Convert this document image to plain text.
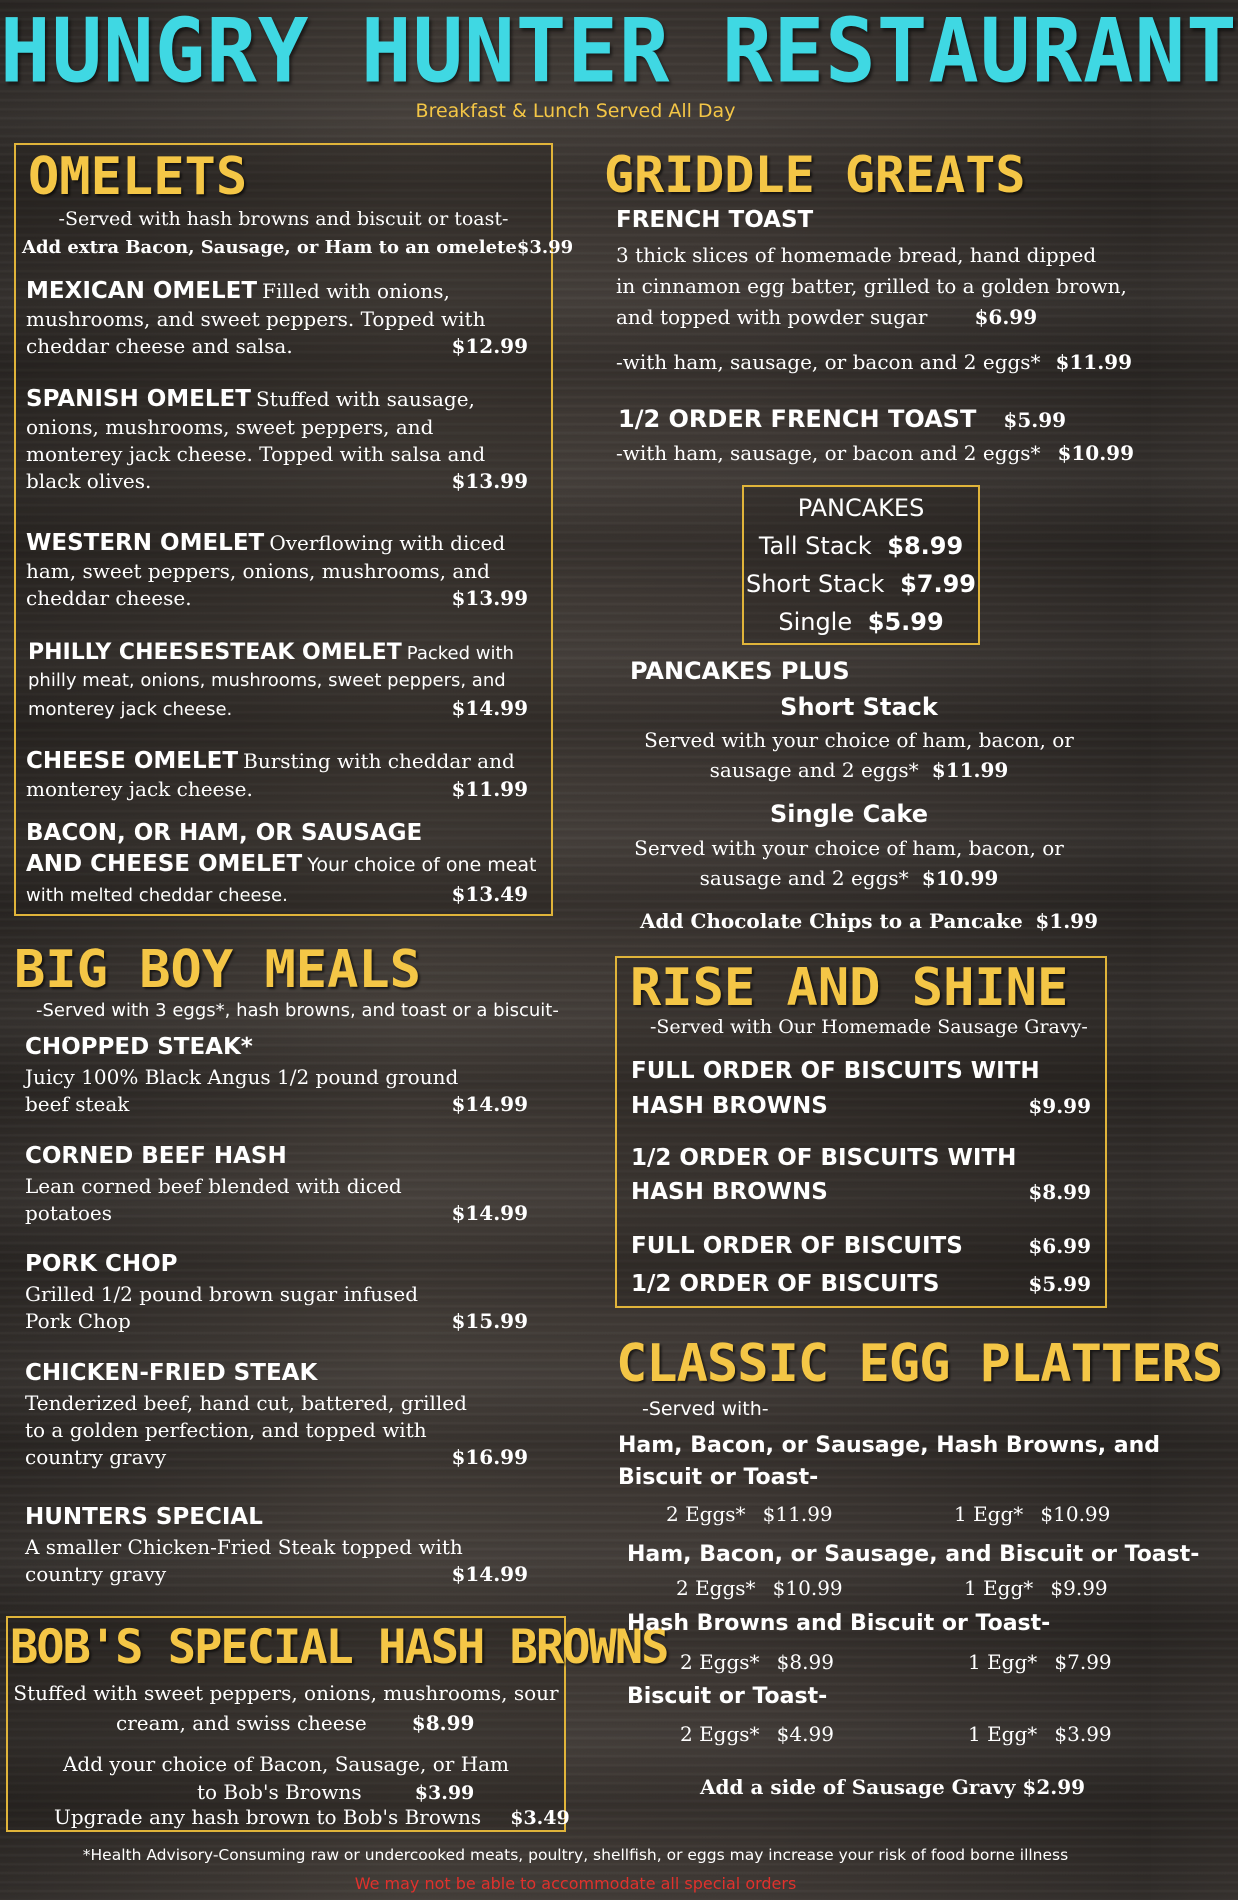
HUNGRY HUNTER RESTAURANT
Breakfast & Lunch Served All Day
OMELETS
-Served with hash browns and biscuit or toast-
Add extra Bacon, Sausage, or Ham to an omelete $3.99
MEXICAN OMELET Filled with onions,
mushrooms, and sweet peppers. Topped with
cheddar cheese and salsa.	$12.99
SPANISH OMELET Stuffed with sausage,
onions, mushrooms, sweet peppers, and
monterey jack cheese. Topped with salsa and
black olives.	$13.99
WESTERN OMELET Overflowing with diced
ham, sweet peppers, onions, mushrooms, and
cheddar cheese.	$13.99
PHILLY CHEESESTEAK OMELET Packed with
philly meat, onions, mushrooms, sweet peppers, and
monterey jack cheese.	$14.99
CHEESE OMELET Bursting with cheddar and
monterey jack cheese.	$11.99
BACON, OR HAM, OR SAUSAGE
AND CHEESE OMELET Your choice of one meat
with melted cheddar cheese.	$13.49
BIG BOY MEALS
-Served with 3 eggs*, hash browns, and toast or a biscuit-
CHOPPED STEAK*
Juicy 100% Black Angus 1/2 pound ground
beef steak	$14.99
CORNED BEEF HASH
Lean corned beef blended with diced
potatoes	$14.99
PORK CHOP
Grilled 1/2 pound brown sugar infused
Pork Chop	$15.99
CHICKEN-FRIED STEAK
Tenderized beef, hand cut, battered, grilled
to a golden perfection, and topped with
country gravy	$16.99
HUNTERS SPECIAL
A smaller Chicken-Fried Steak topped with
country gravy	$14.99
BOB'S SPECIAL HASH BROWNS
Stuffed with sweet peppers, onions, mushrooms, sour
cream, and swiss cheese $8.99
Add your choice of Bacon, Sausage, or Ham
to Bob's Browns	$3.99
Upgrade any hash brown to Bob's Browns $3.49
GRIDDLE GREATS
FRENCH TOAST
3 thick slices of homemade bread, hand dipped
in cinnamon egg batter, grilled to a golden brown,
and topped with powder sugar $6.99
-with ham, sausage, or bacon and 2 eggs* $11.99
1/2 ORDER FRENCH TOAST $5.99
-with ham, sausage, or bacon and 2 eggs* $10.99
PANCAKES
Tall Stack $8.99
Short Stack $7.99
Single $5.99
PANCAKES PLUS
Short Stack
Served with your choice of ham, bacon, or
sausage and 2 eggs* $11.99
Single Cake
Served with your choice of ham, bacon, or
sausage and 2 eggs* $10.99
Add Chocolate Chips to a Pancake $1.99
RISE AND SHINE
-Served with Our Homemade Sausage Gravy-
FULL ORDER OF BISCUITS WITH
HASH BROWNS	$9.99
1/2 ORDER OF BISCUITS WITH
HASH BROWNS	$8.99
FULL ORDER OF BISCUITS	$6.99
1/2 ORDER OF BISCUITS	$5.99
CLASSIC EGG PLATTERS
-Served with-
Ham, Bacon, or Sausage, Hash Browns, and
Biscuit or Toast-
2 Eggs* $11.99	1 Egg* $10.99
Ham, Bacon, or Sausage, and Biscuit or Toast-
2 Eggs* $10.99	1 Egg* $9.99
Hash Browns and Biscuit or Toast-
2 Eggs* $8.99	1 Egg* $7.99
Biscuit or Toast-
2 Eggs* $4.99	1 Egg* $3.99
Add a side of Sausage Gravy $2.99
*Health Advisory-Consuming raw or undercooked meats, poultry, shellfish, or eggs may increase your risk of food borne illness
We may not be able to accommodate all special orders
